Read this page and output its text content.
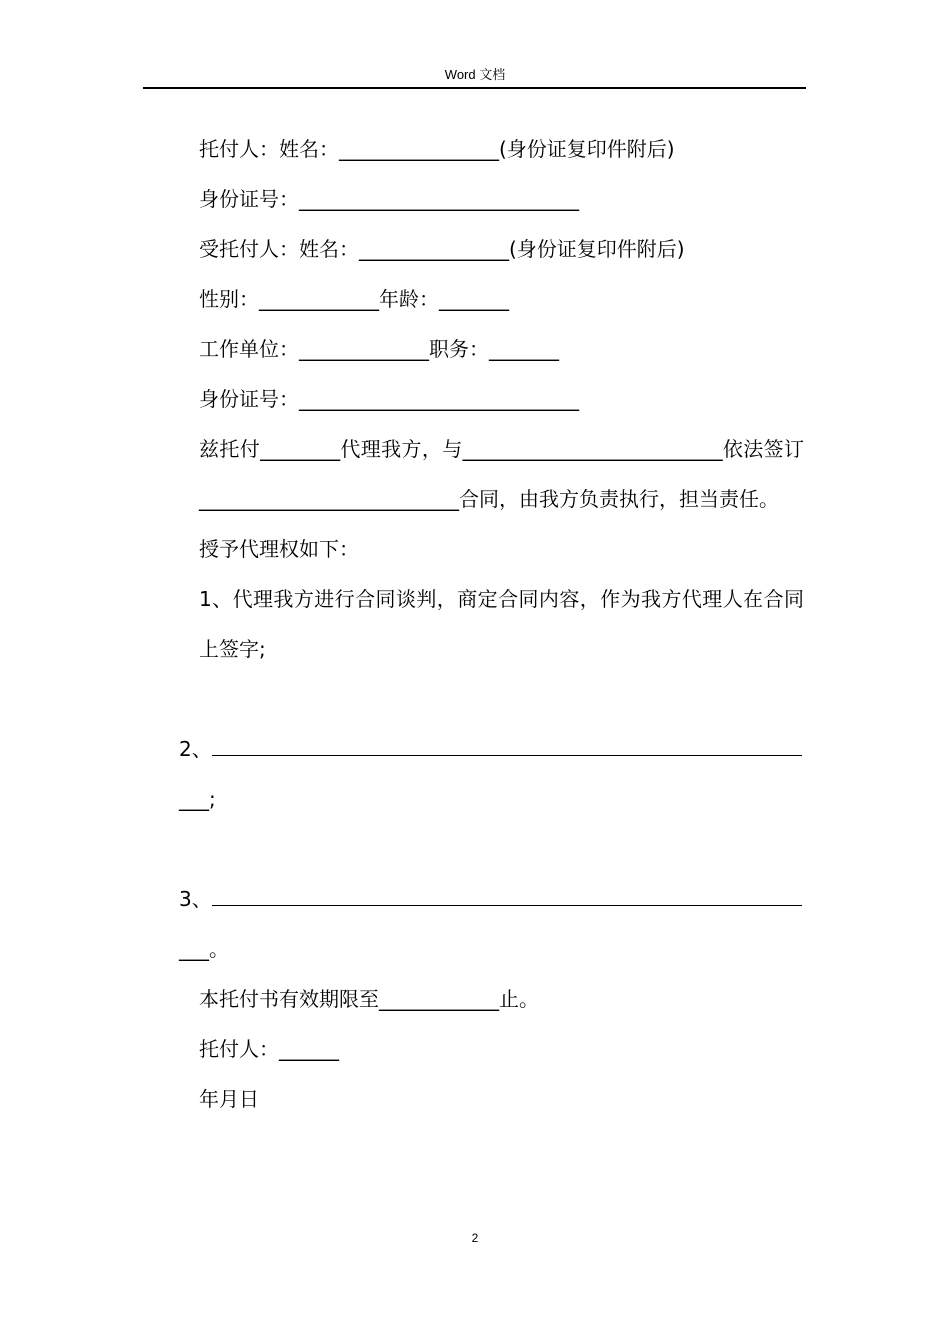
Word 文档

托付人：姓名：________________(身份证复印件附后)

身份证号：____________________________

受托付人：姓名：_______________(身份证复印件附后)

性别：____________年龄：_______

工作单位：_____________职务：_______

身份证号：____________________________

兹托付________代理我方，与__________________________依法签订__________________________合同，由我方负责执行，担当责任。

授予代理权如下：

1、代理我方进行合同谈判，商定合同内容，作为我方代理人在合同上签字;

2、

___;

3、

___。

本托付书有效期限至____________止。

托付人：______

年月日

2
